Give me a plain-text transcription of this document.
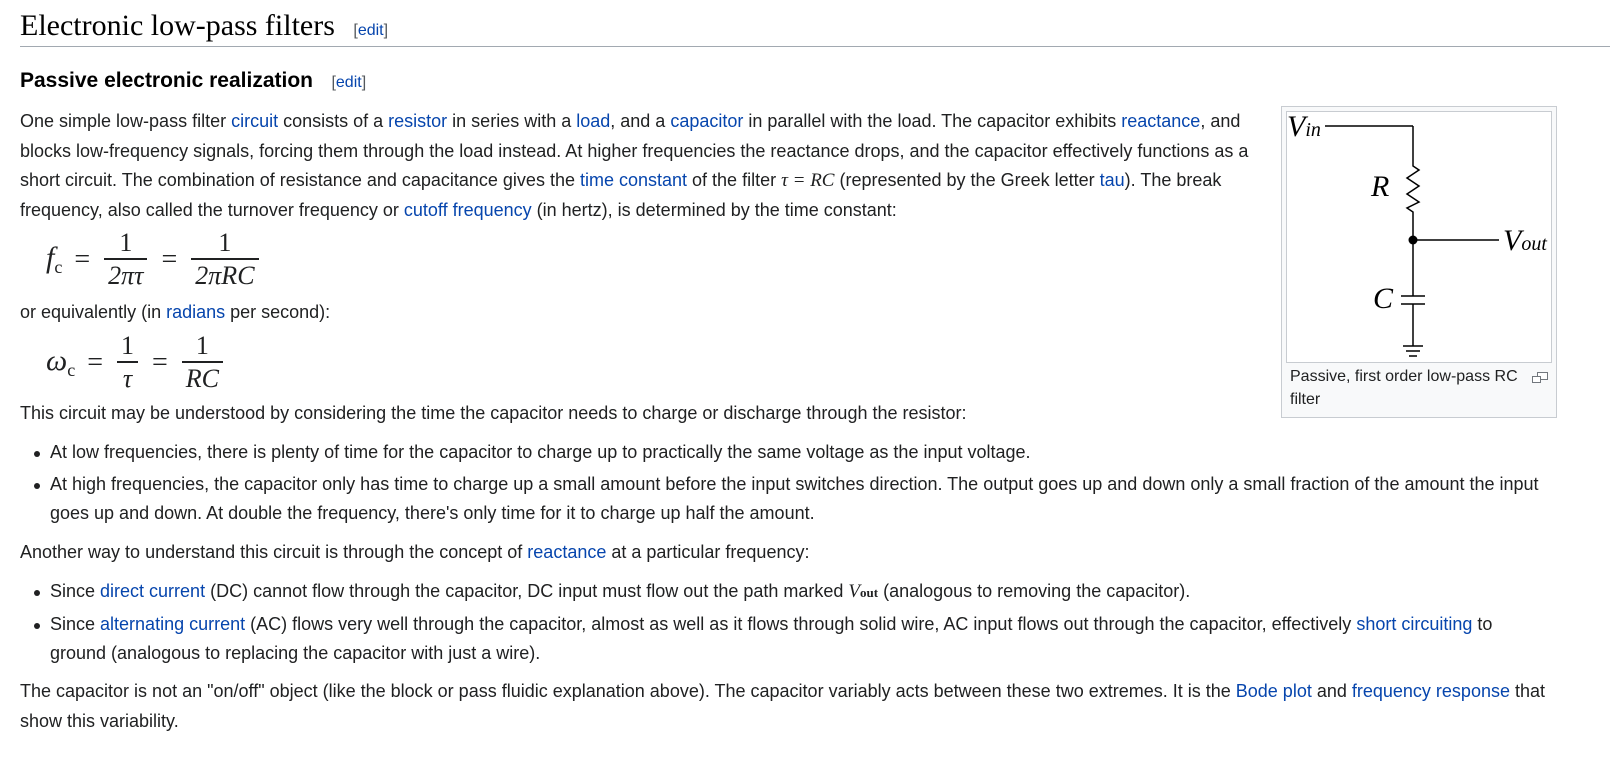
Electronic low-pass filters [edit]
Passive electronic realization [edit]
One simple low-pass filter circuit consists of a resistor in series with a load, and a capacitor in parallel with the load. The capacitor exhibits reactance, and blocks low-frequency signals, forcing them through the load instead. At higher frequencies the reactance drops, and the capacitor effectively functions as a short circuit. The combination of resistance and capacitance gives the time constant of the filter τ = RC (represented by the Greek letter tau). The break frequency, also called the turnover frequency or cutoff frequency (in hertz), is determined by the time constant:
$f_c = \frac{1}{2\pi\tau} = \frac{1}{\text{2πRC}}$
or equivalently (in radians per second):
$\omega_c = \frac{1}{\tau} = \frac{1}{RC}$
This circuit may be understood by considering the time the capacitor needs to charge or discharge through the resistor:
At low frequencies, there is plenty of time for the capacitor to charge up to practically the same voltage as the input voltage.
At high frequencies, the capacitor only has time to charge up a small amount before the input switches direction. The output goes up and down only a small fraction of the amount the input goes up and down. At double the frequency, there's only time for it to charge up half the amount.
Another way to understand this circuit is through the concept of reactance at a particular frequency:
Since direct current (DC) cannot flow through the capacitor, DC input must flow out the path marked Vout (analogous to removing the capacitor).
Since alternating current (AC) flows very well through the capacitor, almost as well as it flows through solid wire, AC input flows out through the capacitor, effectively short circuiting to ground (analogous to replacing the capacitor with just a wire).
The capacitor is not an "on/off" object (like the block or pass fluidic explanation above). The capacitor variably acts between these two extremes. It is the Bode plot and frequency response that show this variability.
Vin
R
Vout
C
Passive, first order low-pass RC filter
